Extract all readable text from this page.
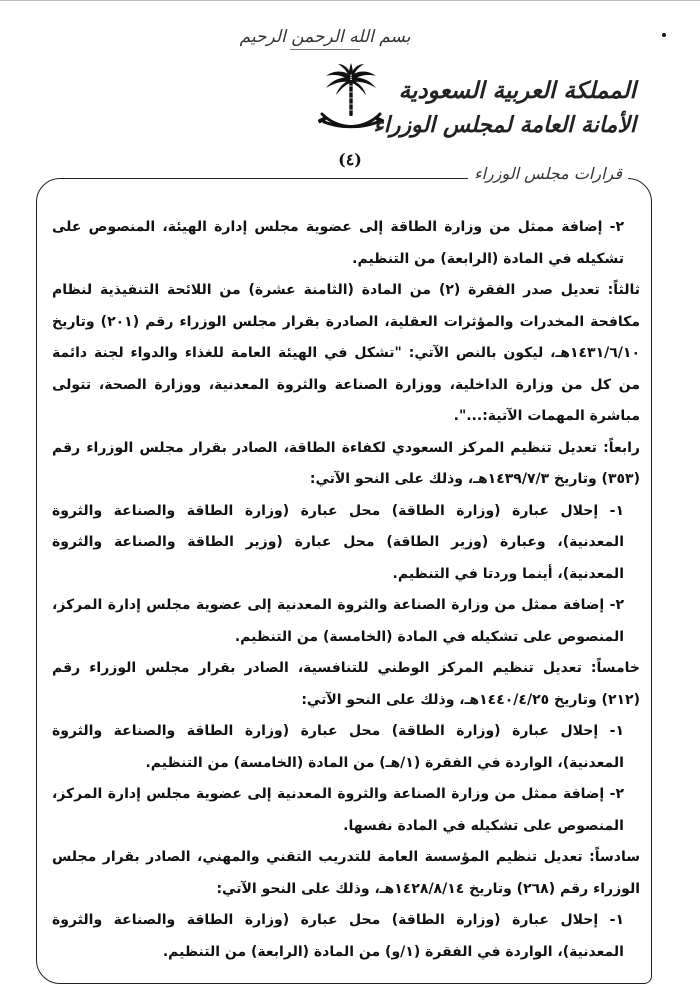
بسم الله الرحمن الرحيم
(٤)
المملكة العربية السعودية
الأمانة العامة لمجلس الوزراء
قرارات مجلس الوزراء

٢- إضافة ممثل من وزارة الطاقة إلى عضوية مجلس إدارة الهيئة، المنصوص على تشكيله في المادة (الرابعة) من التنظيم.

ثالثاً: تعديل صدر الفقرة (٢) من المادة (الثامنة عشرة) من اللائحة التنفيذية لنظام مكافحة المخدرات والمؤثرات العقلية، الصادرة بقرار مجلس الوزراء رقم (٢٠١) وتاريخ ١٤٣١/٦/١٠هـ، ليكون بالنص الآتي: "تشكل في الهيئة العامة للغذاء والدواء لجنة دائمة من كل من وزارة الداخلية، ووزارة الصناعة والثروة المعدنية، ووزارة الصحة، تتولى مباشرة المهمات الآتية:...".

رابعاً: تعديل تنظيم المركز السعودي لكفاءة الطاقة، الصادر بقرار مجلس الوزراء رقم (٣٥٣) وتاريخ ١٤٣٩/٧/٣هـ، وذلك على النحو الآتي:

١- إحلال عبارة (وزارة الطاقة) محل عبارة (وزارة الطاقة والصناعة والثروة المعدنية)، وعبارة (وزير الطاقة) محل عبارة (وزير الطاقة والصناعة والثروة المعدنية)، أينما وردتا في التنظيم.

٢- إضافة ممثل من وزارة الصناعة والثروة المعدنية إلى عضوية مجلس إدارة المركز، المنصوص على تشكيله في المادة (الخامسة) من التنظيم.

خامساً: تعديل تنظيم المركز الوطني للتنافسية، الصادر بقرار مجلس الوزراء رقم (٢١٢) وتاريخ ١٤٤٠/٤/٢٥هـ، وذلك على النحو الآتي:

١- إحلال عبارة (وزارة الطاقة) محل عبارة (وزارة الطاقة والصناعة والثروة المعدنية)، الواردة في الفقرة (١/هـ) من المادة (الخامسة) من التنظيم.

٢- إضافة ممثل من وزارة الصناعة والثروة المعدنية إلى عضوية مجلس إدارة المركز، المنصوص على تشكيله في المادة نفسها.

سادساً: تعديل تنظيم المؤسسة العامة للتدريب التقني والمهني، الصادر بقرار مجلس الوزراء رقم (٢٦٨) وتاريخ ١٤٢٨/٨/١٤هـ، وذلك على النحو الآتي:

١- إحلال عبارة (وزارة الطاقة) محل عبارة (وزارة الطاقة والصناعة والثروة المعدنية)، الواردة في الفقرة (١/و) من المادة (الرابعة) من التنظيم.
